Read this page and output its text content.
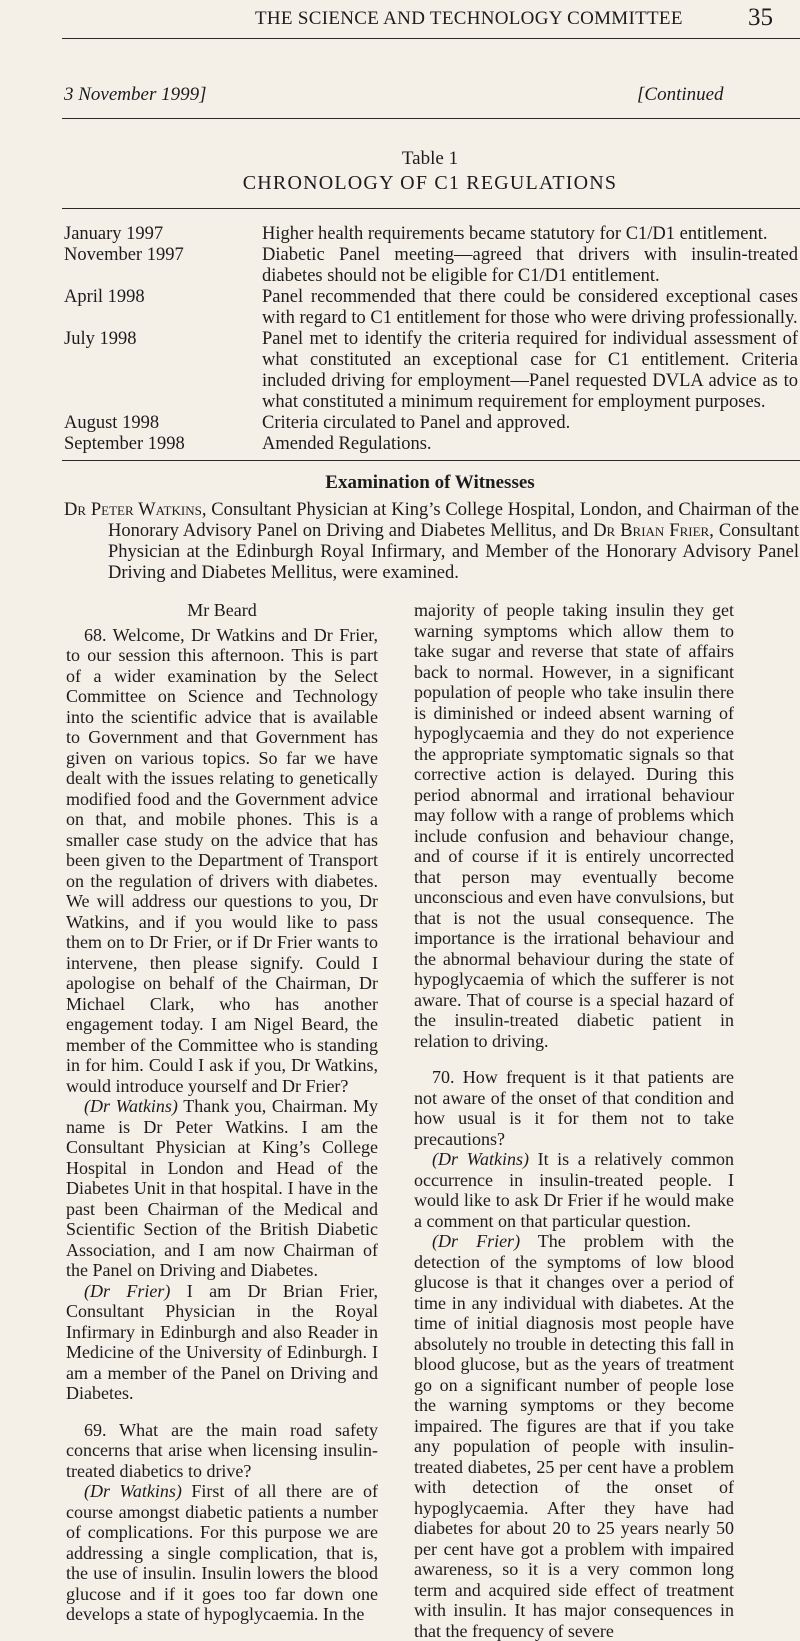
THE SCIENCE AND TECHNOLOGY COMMITTEE	35
3 November 1999]	[Continued
Table 1
CHRONOLOGY OF C1 REGULATIONS
January 1997	Higher health requirements became statutory for C1/D1 entitlement.
November 1997	Diabetic Panel meeting—agreed that drivers with insulin-treated diabetes should not be eligible for C1/D1 entitlement.
April 1998	Panel recommended that there could be considered exceptional cases with regard to C1 entitlement for those who were driving professionally.
July 1998	Panel met to identify the criteria required for individual assessment of what constituted an exceptional case for C1 entitlement. Criteria included driving for employment—Panel requested DVLA advice as to what constituted a minimum requirement for employment purposes.
August 1998	Criteria circulated to Panel and approved.
September 1998	Amended Regulations.
Examination of Witnesses
Dr Peter Watkins, Consultant Physician at King’s College Hospital, London, and Chairman of the Honorary Advisory Panel on Driving and Diabetes Mellitus, and Dr Brian Frier, Consultant Physician at the Edinburgh Royal Infirmary, and Member of the Honorary Advisory Panel Driving and Diabetes Mellitus, were examined.
Mr Beard

68. Welcome, Dr Watkins and Dr Frier, to our session this afternoon. This is part of a wider examination by the Select Committee on Science and Technology into the scientific advice that is available to Government and that Government has given on various topics. So far we have dealt with the issues relating to genetically modified food and the Government advice on that, and mobile phones. This is a smaller case study on the advice that has been given to the Department of Transport on the regulation of drivers with diabetes. We will address our questions to you, Dr Watkins, and if you would like to pass them on to Dr Frier, or if Dr Frier wants to intervene, then please signify. Could I apologise on behalf of the Chairman, Dr Michael Clark, who has another engagement today. I am Nigel Beard, the member of the Committee who is standing in for him. Could I ask if you, Dr Watkins, would introduce yourself and Dr Frier?

(Dr Watkins) Thank you, Chairman. My name is Dr Peter Watkins. I am the Consultant Physician at King’s College Hospital in London and Head of the Diabetes Unit in that hospital. I have in the past been Chairman of the Medical and Scientific Section of the British Diabetic Association, and I am now Chairman of the Panel on Driving and Diabetes.

(Dr Frier) I am Dr Brian Frier, Consultant Physician in the Royal Infirmary in Edinburgh and also Reader in Medicine of the University of Edinburgh. I am a member of the Panel on Driving and Diabetes.

69. What are the main road safety concerns that arise when licensing insulin-treated diabetics to drive?

(Dr Watkins) First of all there are of course amongst diabetic patients a number of complications. For this purpose we are addressing a single complication, that is, the use of insulin. Insulin lowers the blood glucose and if it goes too far down one develops a state of hypoglycaemia. In the

majority of people taking insulin they get warning symptoms which allow them to take sugar and reverse that state of affairs back to normal. However, in a significant population of people who take insulin there is diminished or indeed absent warning of hypoglycaemia and they do not experience the appropriate symptomatic signals so that corrective action is delayed. During this period abnormal and irrational behaviour may follow with a range of problems which include confusion and behaviour change, and of course if it is entirely uncorrected that person may eventually become unconscious and even have convulsions, but that is not the usual consequence. The importance is the irrational behaviour and the abnormal behaviour during the state of hypoglycaemia of which the sufferer is not aware. That of course is a special hazard of the insulin-treated diabetic patient in relation to driving.

70. How frequent is it that patients are not aware of the onset of that condition and how usual is it for them not to take precautions?

(Dr Watkins) It is a relatively common occurrence in insulin-treated people. I would like to ask Dr Frier if he would make a comment on that particular question.

(Dr Frier) The problem with the detection of the symptoms of low blood glucose is that it changes over a period of time in any individual with diabetes. At the time of initial diagnosis most people have absolutely no trouble in detecting this fall in blood glucose, but as the years of treatment go on a significant number of people lose the warning symptoms or they become impaired. The figures are that if you take any population of people with insulin-treated diabetes, 25 per cent have a problem with detection of the onset of hypoglycaemia. After they have had diabetes for about 20 to 25 years nearly 50 per cent have got a problem with impaired awareness, so it is a very common long term and acquired side effect of treatment with insulin. It has major consequences in that the frequency of severe
